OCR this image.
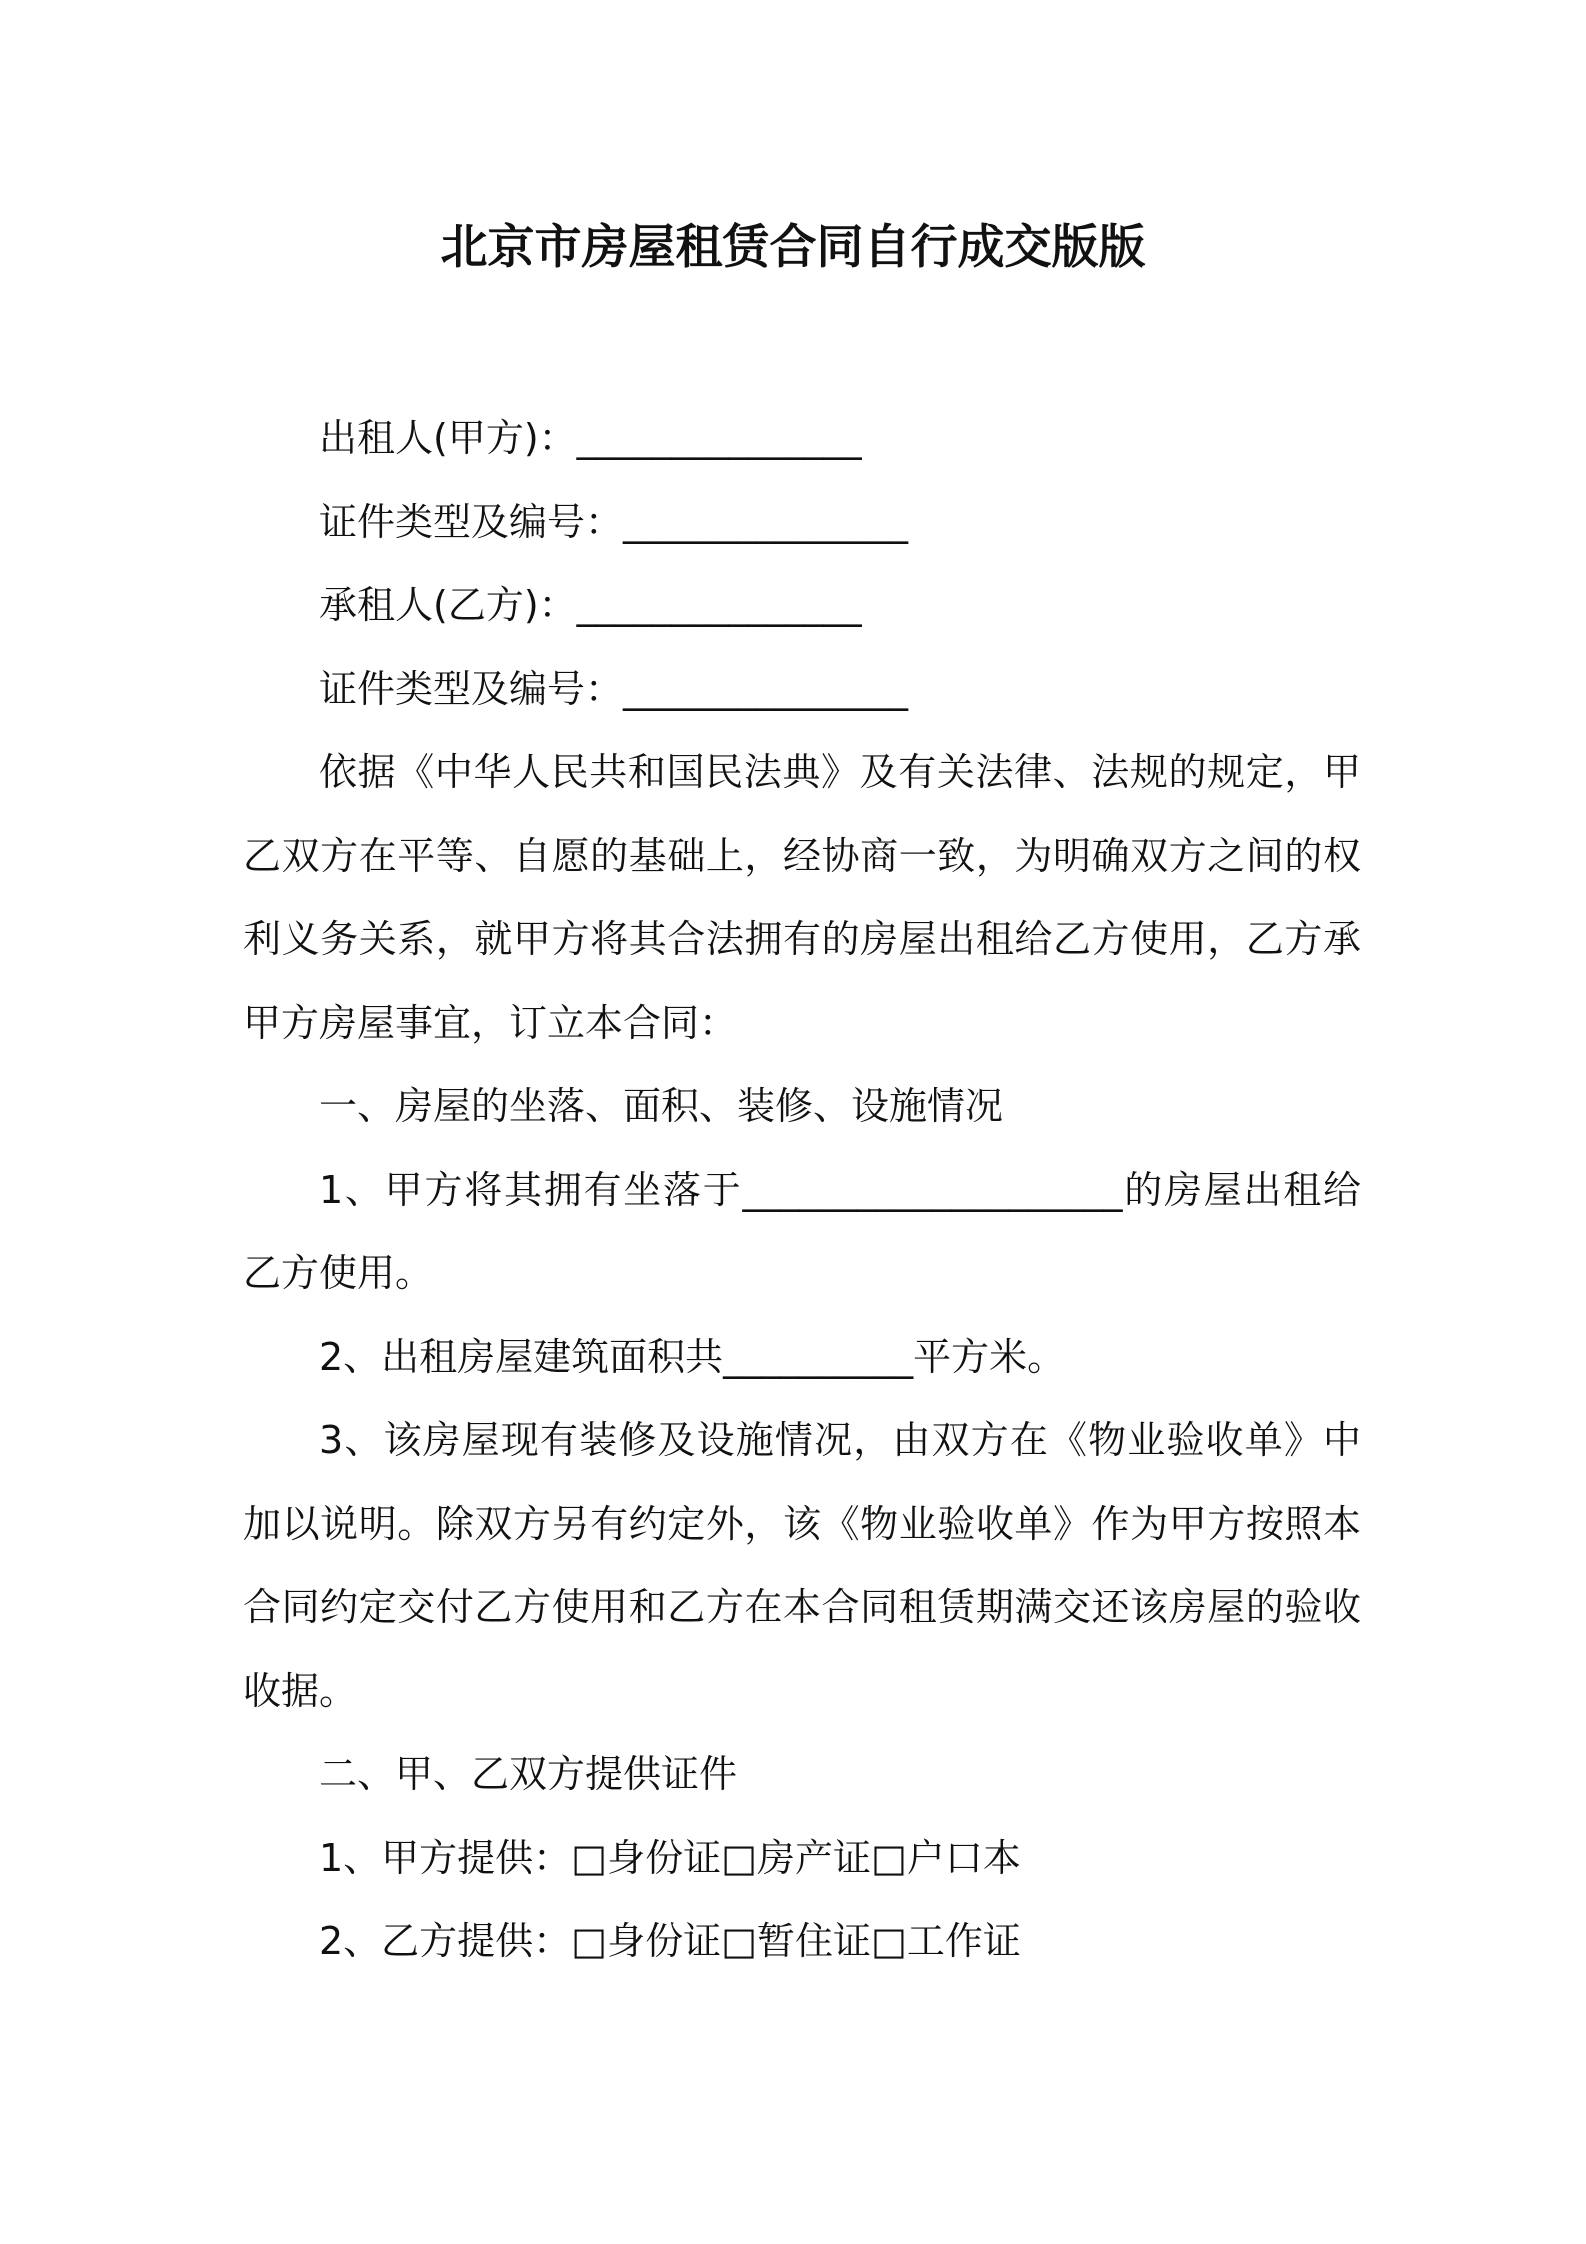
北京市房屋租赁合同自行成交版版

出租人(甲方)：_______________

证件类型及编号：_______________

承租人(乙方)：_______________

证件类型及编号：_______________

依据《中华人民共和国民法典》及有关法律、法规的规定，甲乙双方在平等、自愿的基础上，经协商一致，为明确双方之间的权利义务关系，就甲方将其合法拥有的房屋出租给乙方使用，乙方承甲方房屋事宜，订立本合同：

一、房屋的坐落、面积、装修、设施情况

1、甲方将其拥有坐落于____________________的房屋出租给乙方使用。

2、出租房屋建筑面积共__________平方米。

3、该房屋现有装修及设施情况，由双方在《物业验收单》中加以说明。除双方另有约定外，该《物业验收单》作为甲方按照本合同约定交付乙方使用和乙方在本合同租赁期满交还该房屋的验收收据。

二、甲、乙双方提供证件

1、甲方提供：□身份证□房产证□户口本

2、乙方提供：□身份证□暂住证□工作证
